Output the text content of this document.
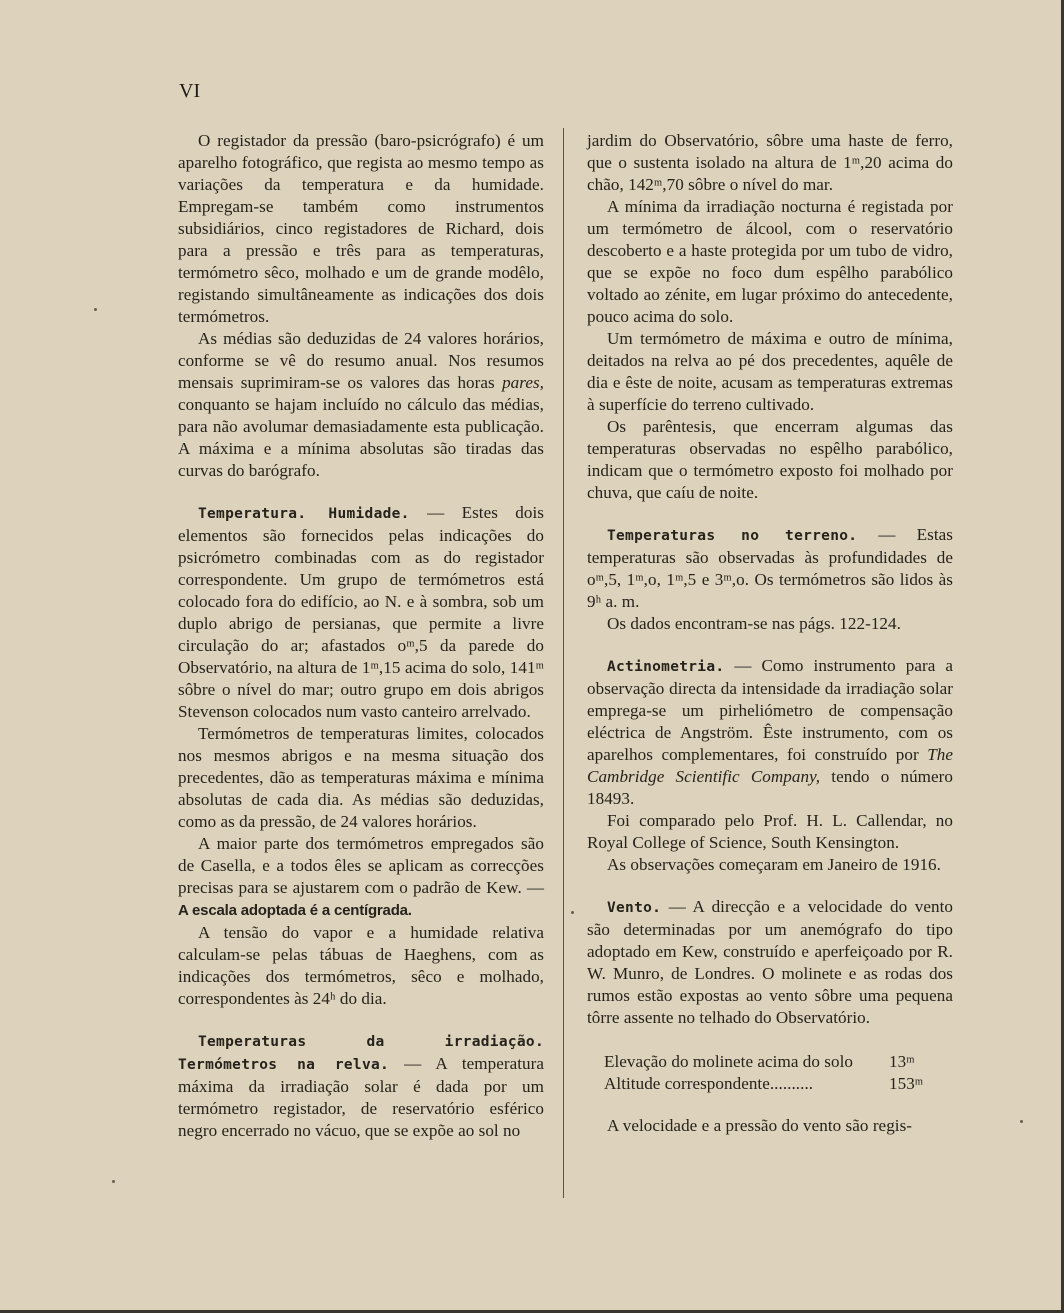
VI

O registador da pressão (baro-psicrógrafo) é um aparelho fotográfico, que regista ao mesmo tempo as variações da temperatura e da humidade. Empregam-se também como instrumentos subsidiários, cinco registadores de Richard, dois para a pressão e três para as temperaturas, termómetro sêco, molhado e um de grande modêlo, registando simultâneamente as indicações dos dois termómetros.

As médias são deduzidas de 24 valores horários, conforme se vê do resumo anual. Nos resumos mensais suprimiram-se os valores das horas pares, conquanto se hajam incluído no cálculo das médias, para não avolumar demasiadamente esta publicação. A máxima e a mínima absolutas são tiradas das curvas do barógrafo.

Temperatura. Humidade. — Estes dois elementos são fornecidos pelas indicações do psicrómetro combinadas com as do registador correspondente. Um grupo de termómetros está colocado fora do edifício, ao N. e à sombra, sob um duplo abrigo de persianas, que permite a livre circulação do ar; afastados oᵐ,5 da parede do Observatório, na altura de 1ᵐ,15 acima do solo, 141ᵐ sôbre o nível do mar; outro grupo em dois abrigos Stevenson colocados num vasto canteiro arrelvado.

Termómetros de temperaturas limites, colocados nos mesmos abrigos e na mesma situação dos precedentes, dão as temperaturas máxima e mínima absolutas de cada dia. As médias são deduzidas, como as da pressão, de 24 valores horários.

A maior parte dos termómetros empregados são de Casella, e a todos êles se aplicam as correcções precisas para se ajustarem com o padrão de Kew. — A escala adoptada é a centígrada.

A tensão do vapor e a humidade relativa calculam-se pelas tábuas de Haeghens, com as indicações dos termómetros, sêco e molhado, correspondentes às 24ʰ do dia.

Temperaturas da irradiação. Termómetros na relva. — A temperatura máxima da irradiação solar é dada por um termómetro registador, de reservatório esférico negro encerrado no vácuo, que se expõe ao sol no

jardim do Observatório, sôbre uma haste de ferro, que o sustenta isolado na altura de 1ᵐ,20 acima do chão, 142ᵐ,70 sôbre o nível do mar.

A mínima da irradiação nocturna é registada por um termómetro de álcool, com o reservatório descoberto e a haste protegida por um tubo de vidro, que se expõe no foco dum espêlho parabólico voltado ao zénite, em lugar próximo do antecedente, pouco acima do solo.

Um termómetro de máxima e outro de mínima, deitados na relva ao pé dos precedentes, aquêle de dia e êste de noite, acusam as temperaturas extremas à superfície do terreno cultivado.

Os parêntesis, que encerram algumas das temperaturas observadas no espêlho parabólico, indicam que o termómetro exposto foi molhado por chuva, que caíu de noite.

Temperaturas no terreno. — Estas temperaturas são observadas às profundidades de oᵐ,5, 1ᵐ,o, 1ᵐ,5 e 3ᵐ,o. Os termómetros são lidos às 9ʰ a. m.

Os dados encontram-se nas págs. 122-124.

Actinometria. — Como instrumento para a observação directa da intensidade da irradiação solar emprega-se um pirheliómetro de compensação eléctrica de Angström. Êste instrumento, com os aparelhos complementares, foi construído por The Cambridge Scientific Company, tendo o número 18493.

Foi comparado pelo Prof. H. L. Callendar, no Royal College of Science, South Kensington.

As observações começaram em Janeiro de 1916.

Vento. — A direcção e a velocidade do vento são determinadas por um anemógrafo do tipo adoptado em Kew, construído e aperfeiçoado por R. W. Munro, de Londres. O molinete e as rodas dos rumos estão expostas ao vento sôbre uma pequena tôrre assente no telhado do Observatório.

Elevação do molinete acima do solo	13ᵐ
Altitude correspondente..........	153ᵐ

A velocidade e a pressão do vento são regis-
